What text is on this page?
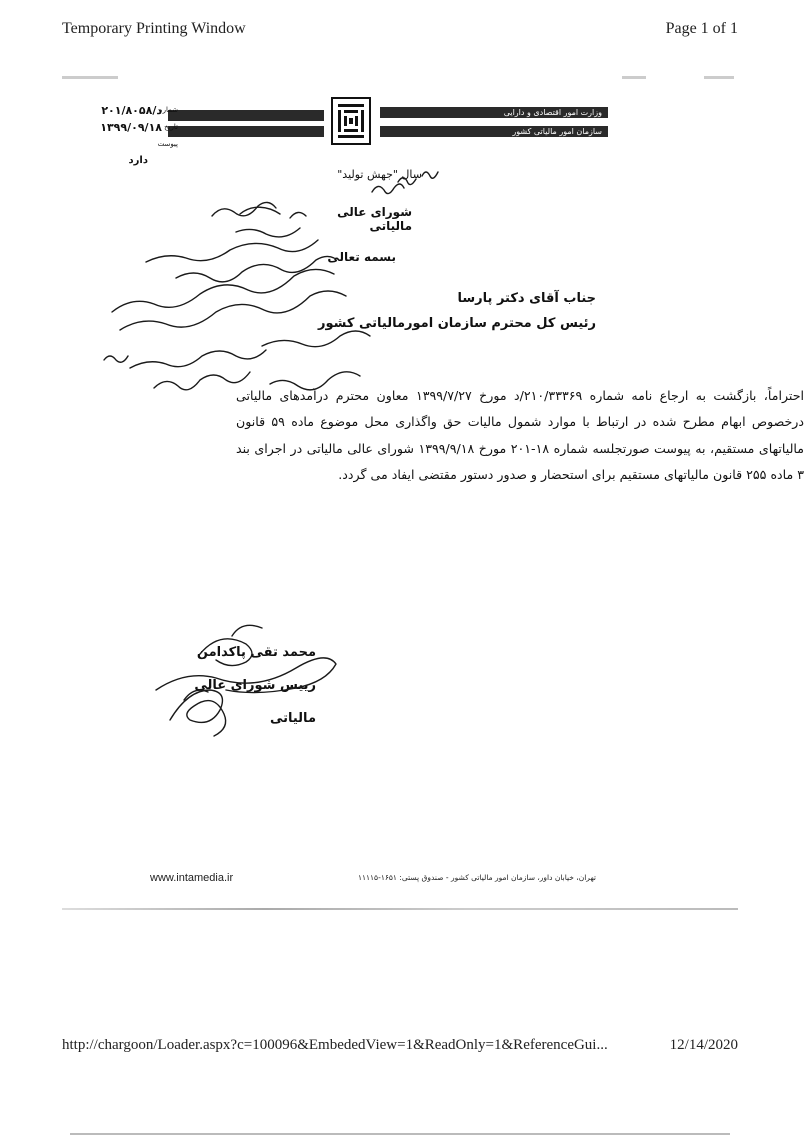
Temporary Printing Window	Page 1 of 1
وزارت امور اقتصادی و دارایی
سازمان امور مالیاتی کشور
د/۲۰۱/۸۰۵۸
شماره
۱۳۹۹/۰۹/۱۸ تاریخ
پیوست
دارد
سال "جهش تولید"
شورای عالی مالیاتی
بسمه تعالی
جناب آقای دکتر پارسا
رئیس کل محترم سازمان امورمالیاتی کشور
احتراماً، بازگشت به ارجاع نامه شماره ۲۱۰/۳۳۳۶۹/د مورخ ۱۳۹۹/۷/۲۷ معاون محترم درآمدهای مالیاتی درخصوص ابهام مطرح شده در ارتباط با موارد شمول مالیات حق واگذاری محل موضوع ماده ۵۹ قانون مالیاتهای مستقیم، به پیوست صورتجلسه شماره ۱۸-۲۰۱ مورخ ۱۳۹۹/۹/۱۸ شورای عالی مالیاتی در اجرای بند ۳ ماده ۲۵۵ قانون مالیاتهای مستقیم برای استحضار و صدور دستور مقتضی ایفاد می گردد.
محمد تقی پاکدامن
رییس شورای عالی مالیاتی
تهران، خیابان داور، سازمان امور مالیاتی کشور - صندوق پستی: ۱۶۵۱-۱۱۱۱۵
www.intamedia.ir
http://chargoon/Loader.aspx?c=100096&EmbededView=1&ReadOnly=1&ReferenceGui...	12/14/2020
